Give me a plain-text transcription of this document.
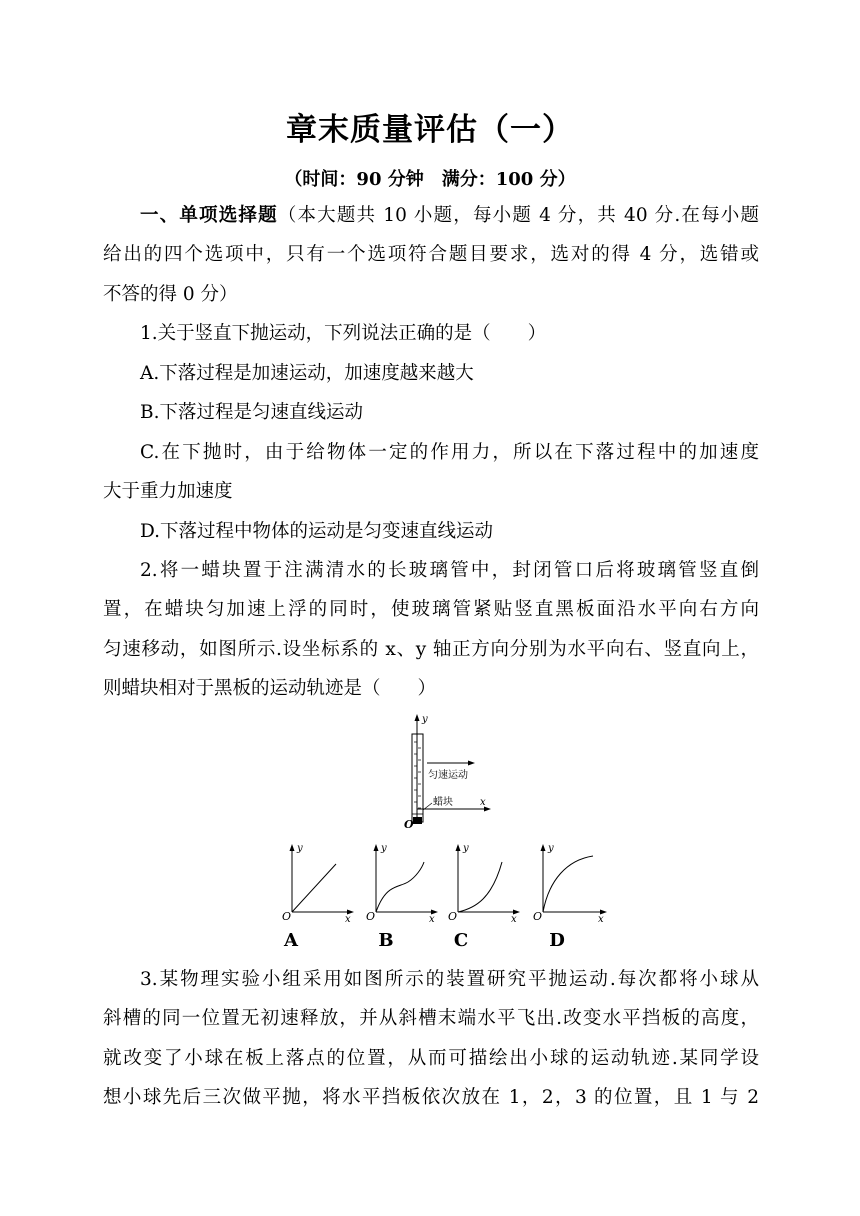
章末质量评估（一）
（时间：90 分钟　满分：100 分）
一、单项选择题（本大题共 10 小题，每小题 4 分，共 40 分.在每小题
给出的四个选项中，只有一个选项符合题目要求，选对的得 4 分，选错或
不答的得 0 分）
1.关于竖直下抛运动，下列说法正确的是（　　）
A.下落过程是加速运动，加速度越来越大
B.下落过程是匀速直线运动
C.在下抛时，由于给物体一定的作用力，所以在下落过程中的加速度
大于重力加速度
D.下落过程中物体的运动是匀变速直线运动
2.将一蜡块置于注满清水的长玻璃管中，封闭管口后将玻璃管竖直倒
置，在蜡块匀加速上浮的同时，使玻璃管紧贴竖直黑板面沿水平向右方向
匀速移动，如图所示.设坐标系的 x、y 轴正方向分别为水平向右、竖直向上，
则蜡块相对于黑板的运动轨迹是（　　）
y
x
O
匀速运动
蜡块
y
x
O
y
x
O
y
x
O
y
x
O
A	B	C	D
3.某物理实验小组采用如图所示的装置研究平抛运动.每次都将小球从
斜槽的同一位置无初速释放，并从斜槽末端水平飞出.改变水平挡板的高度，
就改变了小球在板上落点的位置，从而可描绘出小球的运动轨迹.某同学设
想小球先后三次做平抛，将水平挡板依次放在 1，2，3 的位置，且 1 与 2
